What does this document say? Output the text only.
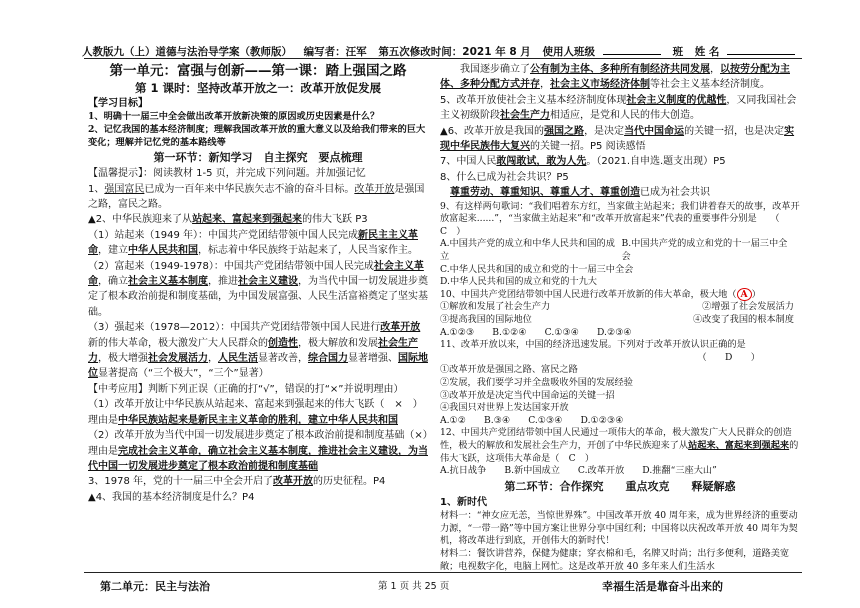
人教版九（上）道德与法治导学案（教师版） 编写者：汪军 第五次修改时间：2021 年 8 月 使用人班级	班 姓 名
第一单元：富强与创新——第一课：踏上强国之路
第 1 课时：坚持改革开放之一：改革开放促发展

【学习目标】

1、明确十一届三中全会做出改革开放新决策的原因或历史因素是什么？

2、记忆我国的基本经济制度；理解我国改革开放的重大意义以及给我们带来的巨大变化；理解并记忆党的基本路线等

第一环节：新知学习　自主探究　要点梳理

【温馨提示】：阅读教材 1-5 页，并完成下列问题。并加强记忆

1、强国富民已成为一百年来中华民族矢志不渝的奋斗目标。改革开放是强国之路，富民之路。

▲2、中华民族迎来了从站起来、富起来到强起来的伟大飞跃 P3

（1）站起来（1949 年）：中国共产党团结带领中国人民完成新民主主义革命，建立中华人民共和国，标志着中华民族终于站起来了，人民当家作主。

（2）富起来（1949-1978）：中国共产党团结带领中国人民完成社会主义革命，确立社会主义基本制度，推进社会主义建设，为当代中国一切发展进步奠定了根本政治前提和制度基础，为中国发展富强、人民生活富裕奠定了坚实基础。

（3）强起来（1978—2012）：中国共产党团结带领中国人民进行改革开放新的伟大革命，极大激发广大人民群众的创造性，极大解放和发展社会生产力，极大增强社会发展活力，人民生活显著改善，综合国力显著增强、国际地位显著提高（“三个极大”，“三个”显著）

【中考应用】判断下列正误（正确的打“√”，错误的打“×”并说明理由）

（1）改革开放让中华民族从站起来、富起来到强起来的伟大飞跃（　×　）

理由是中华民族站起来是新民主主义革命的胜利，建立中华人民共和国

（2）改革开放为当代中国一切发展进步奠定了根本政治前提和制度基础（×）

理由是完成社会主义革命，确立社会主义基本制度，推进社会主义建设，为当代中国一切发展进步奠定了根本政治前提和制度基础

3、1978 年，党的十一届三中全会开启了改革开放的历史征程。P4

▲4、我国的基本经济制度是什么？P4

　　我国逐步确立了公有制为主体、多种所有制经济共同发展，以按劳分配为主体、多种分配方式并存，社会主义市场经济体制等社会主义基本经济制度。

5、改革开放使社会主义基本经济制度体现社会主义制度的优越性，又同我国社会主义初级阶段社会生产力相适应，是党和人民的伟大创造。

▲6、改革开放是我国的强国之路，是决定当代中国命运的关键一招，也是决定实现中华民族伟大复兴的关键一招。P5 阅读感悟

7、中国人民敢闯敢试，敢为人先。（2021.自申选.题支出现）P5

8、什么已成为社会共识？P5

　尊重劳动、尊重知识、尊重人才、尊重创造已成为社会共识

9、有这样两句歌词：“我们唱着东方红，当家做主站起来；我们讲着春天的故事，改革开放富起来......”，“当家做主站起来”和“改革开放富起来”代表的重要事件分别是　　（　C　）

A.中国共产党的成立和中华人民共和国的成立
B.中国共产党的成立和党的十一届三中全会

C.中华人民共和国的成立和党的十一届三中全会

D.中华人民共和国的成立和党的十九大

10、中国共产党团结带领中国人民进行改革开放新的伟大革命，极大地（ A ）

①解放和发展了社会生产力	②增强了社会发展活力
③提高我国的国际地位	④改变了我国的根本制度
A.①②③ B.①②④ C.①③④ D.②③④

11、改革开放以来，中国的经济迅速发展。下列对于改革开放认识正确的是

（　　D　　）

①改革开放是强国之路、富民之路

②发展，我们要学习并全盘吸收外国的发展经验

③改革开放是决定当代中国命运的关键一招

④我国只对世界上发达国家开放

A.①② B.③④ C.①③④ D.①②③④

12、中国共产党团结带领中国人民通过一项伟大的革命，极大激发广大人民群众的创造性，极大的解放和发展社会生产力，开创了中华民族迎来了从站起来、富起来到强起来的伟大飞跃，这项伟大革命是（　C　）

A.抗日战争 B.新中国成立 C.改革开放 D.推翻“三座大山”
第二环节：合作探究　　重点攻克　　释疑解惑

1、新时代

材料一：“神女应无恙，当惊世界殊”。中国改革开放 40 周年来，成为世界经济的重要动力源，“一带一路”等中国方案让世界分享中国红利；中国将以庆祝改革开放 40 周年为契机，将改革进行到底，开创伟大的新时代！

材料二：餐饮讲营养，保健为健康；穿衣棉和毛，名牌又时尚；出行多便利，道路美宽敞；电视数字化，电脑上网忙。这是改革开放 40 多年来人们生活水

第二单元：民主与法治	第 1 页 共 25 页	幸福生活是靠奋斗出来的
